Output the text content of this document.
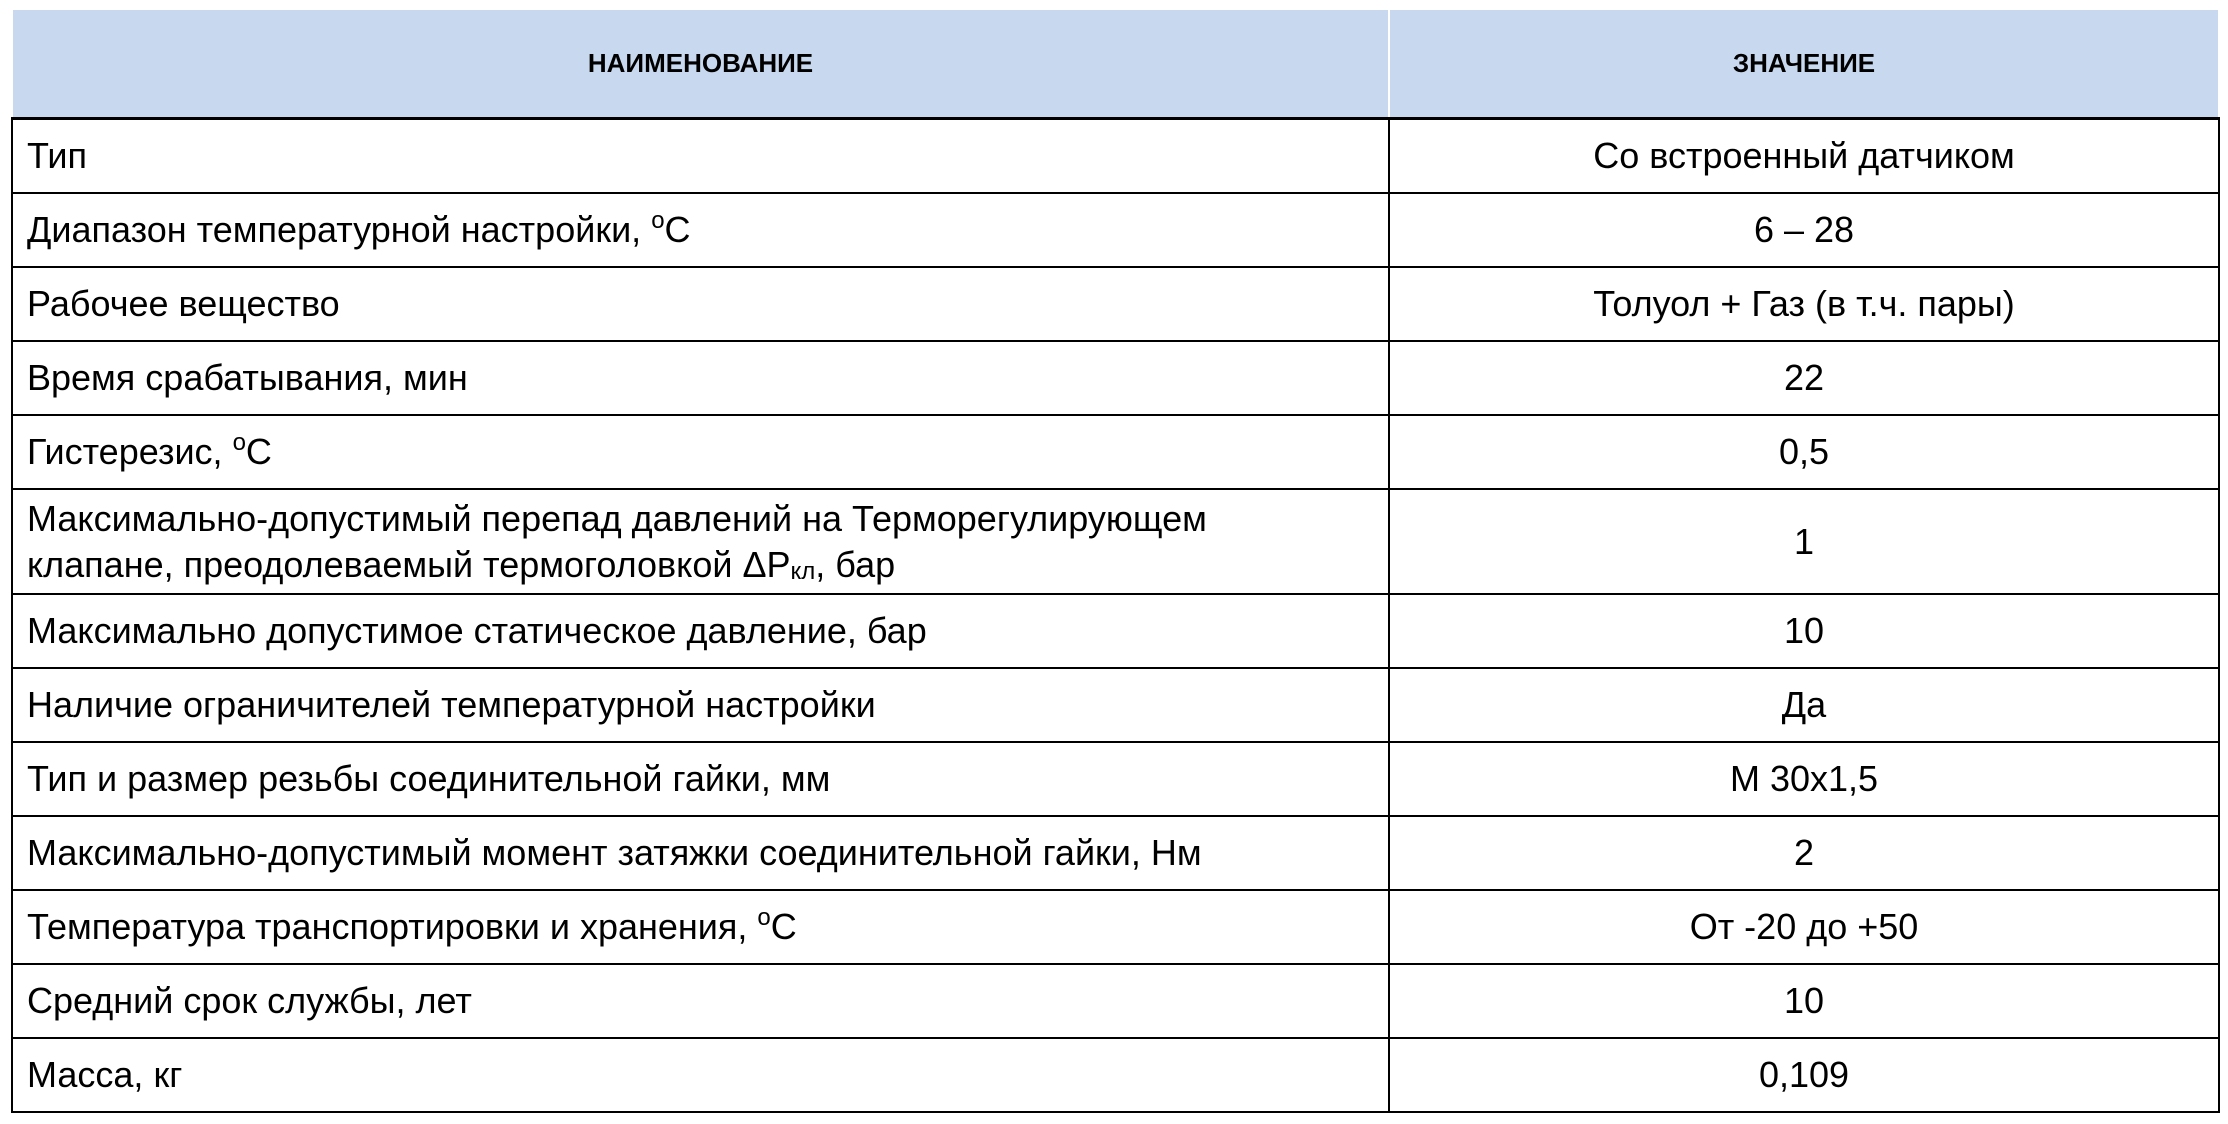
НАИМЕНОВАНИЕ	ЗНАЧЕНИЕ
Тип	Со встроенный датчиком
Диапазон температурной настройки, $^o$C	6 – 28
Рабочее вещество	Толуол + Газ (в т.ч. пары)
Время срабатывания, мин	22
Гистерезис, $^o$C	0,5
Максимально-допустимый перепад давлений на Терморегулирующем
клапане, преодолеваемый термоголовкой $\Delta P_{кл}$, бар	1
Максимально допустимое статическое давление, бар	10
Наличие ограничителей температурной настройки	Да
Тип и размер резьбы соединительной гайки, мм	М 30х1,5
Максимально-допустимый момент затяжки соединительной гайки, Нм	2
Температура транспортировки и хранения, $^o$C	От -20 до +50
Средний срок службы, лет	10
Масса, кг	0,109
